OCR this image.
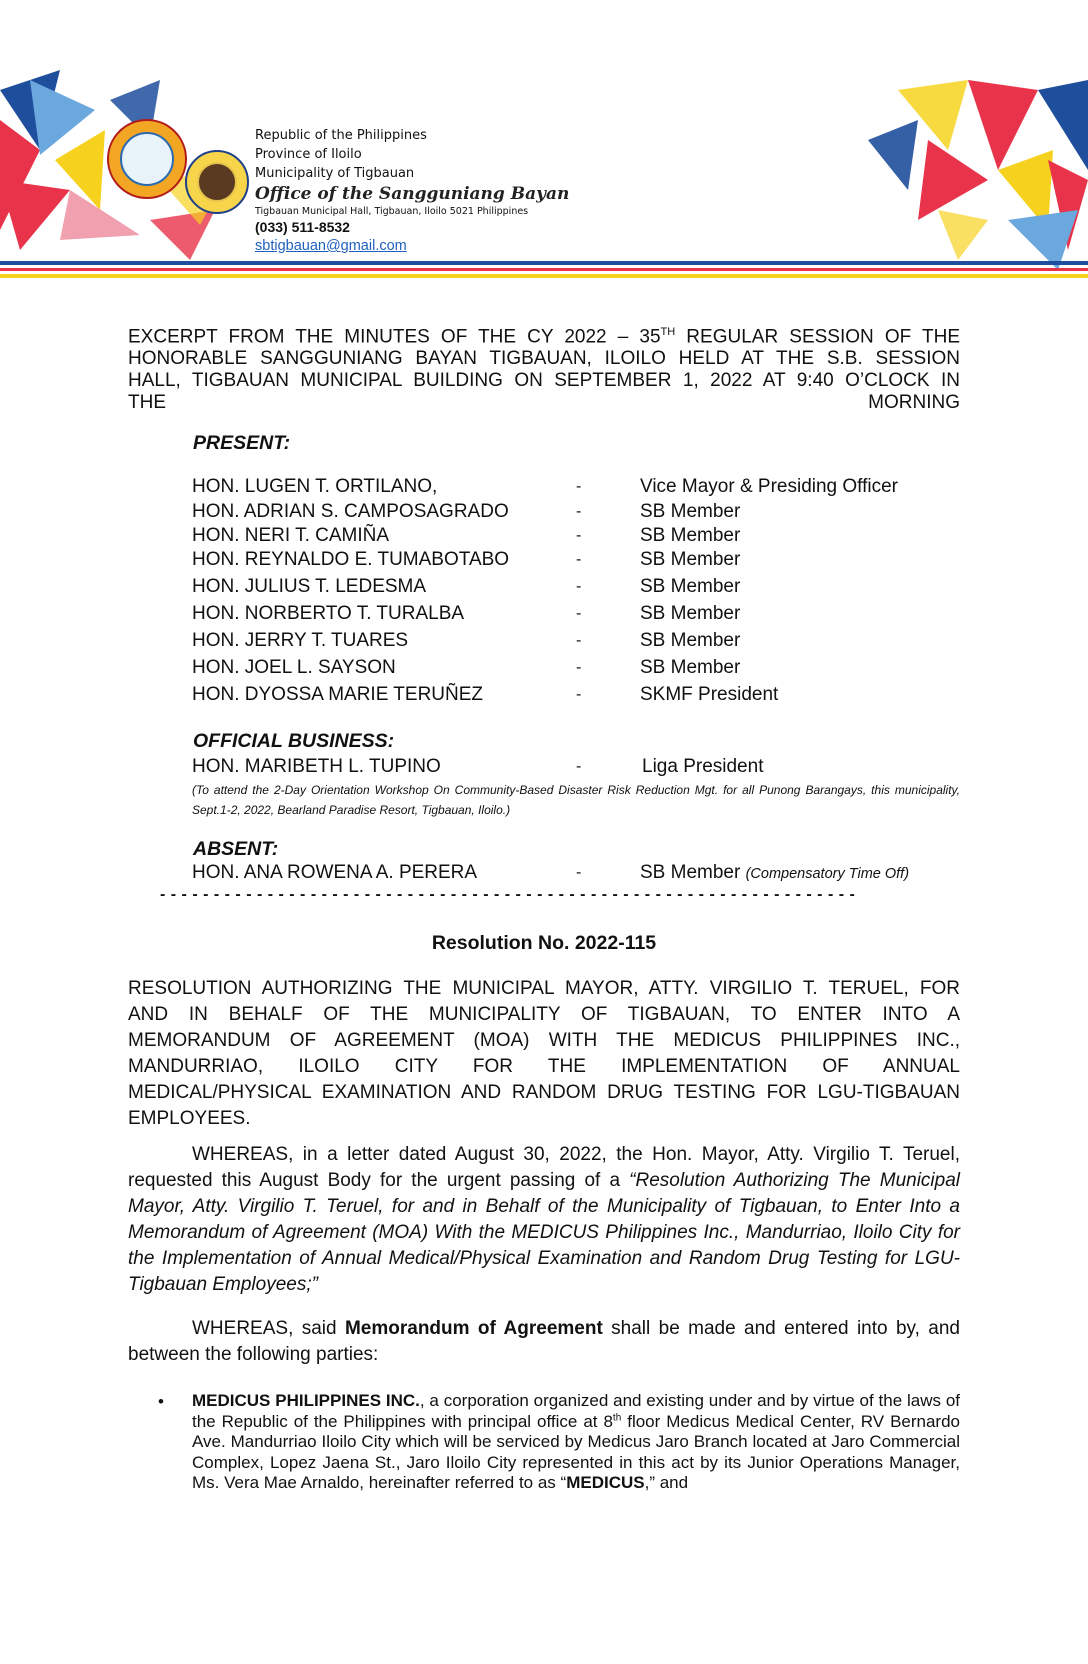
Republic of the Philippines
Province of Iloilo
Municipality of Tigbauan
Office of the Sangguniang Bayan
Tigbauan Municipal Hall, Tigbauan, Iloilo 5021 Philippines
(033) 511-8532
sbtigbauan@gmail.com
EXCERPT FROM THE MINUTES OF THE CY 2022 – 35TH REGULAR SESSION OF THE
HONORABLE SANGGUNIANG BAYAN TIGBAUAN, ILOILO HELD AT THE S.B. SESSION
HALL, TIGBAUAN MUNICIPAL BUILDING ON SEPTEMBER 1, 2022 AT 9:40 O’CLOCK IN
THE MORNING
PRESENT:
HON. LUGEN T. ORTILANO,	-	Vice Mayor & Presiding Officer
HON. ADRIAN S. CAMPOSAGRADO	-	SB Member
HON. NERI T. CAMIÑA	-	SB Member
HON. REYNALDO E. TUMABOTABO	-	SB Member
HON. JULIUS T. LEDESMA	-	SB Member
HON. NORBERTO T. TURALBA	-	SB Member
HON. JERRY T. TUARES	-	SB Member
HON. JOEL L. SAYSON	-	SB Member
HON. DYOSSA MARIE TERUÑEZ	-	SKMF President
OFFICIAL BUSINESS:
HON. MARIBETH L. TUPINO	-	Liga President
(To attend the 2-Day Orientation Workshop On Community-Based Disaster Risk Reduction Mgt. for all Punong Barangays, this municipality, Sept.1-2, 2022, Bearland Paradise Resort, Tigbauan, Iloilo.)
ABSENT:
HON. ANA ROWENA A. PERERA	-	SB Member (Compensatory Time Off)
- - - - - - - - - - - - - - - - - - - - - - - - - - - - - - - - - - - - - - - - - - - - - - - - - - - - - - - - - - - - - - - - -
Resolution No. 2022-115
RESOLUTION AUTHORIZING THE MUNICIPAL MAYOR, ATTY. VIRGILIO T. TERUEL, FOR
AND IN BEHALF OF THE MUNICIPALITY OF TIGBAUAN, TO ENTER INTO A
MEMORANDUM OF AGREEMENT (MOA) WITH THE MEDICUS PHILIPPINES INC.,
MANDURRIAO, ILOILO CITY FOR THE IMPLEMENTATION OF ANNUAL
MEDICAL/PHYSICAL EXAMINATION AND RANDOM DRUG TESTING FOR LGU-TIGBAUAN
EMPLOYEES.
WHEREAS, in a letter dated August 30, 2022, the Hon. Mayor, Atty. Virgilio T. Teruel, requested this August Body for the urgent passing of a “Resolution Authorizing The Municipal Mayor, Atty. Virgilio T. Teruel, for and in Behalf of the Municipality of Tigbauan, to Enter Into a Memorandum of Agreement (MOA) With the MEDICUS Philippines Inc., Mandurriao, Iloilo City for the Implementation of Annual Medical/Physical Examination and Random Drug Testing for LGU-Tigbauan Employees;”
WHEREAS, said Memorandum of Agreement shall be made and entered into by, and between the following parties:
• MEDICUS PHILIPPINES INC., a corporation organized and existing under and by virtue of the laws of the Republic of the Philippines with principal office at 8th floor Medicus Medical Center, RV Bernardo Ave. Mandurriao Iloilo City which will be serviced by Medicus Jaro Branch located at Jaro Commercial Complex, Lopez Jaena St., Jaro Iloilo City represented in this act by its Junior Operations Manager, Ms. Vera Mae Arnaldo, hereinafter referred to as “MEDICUS,” and
